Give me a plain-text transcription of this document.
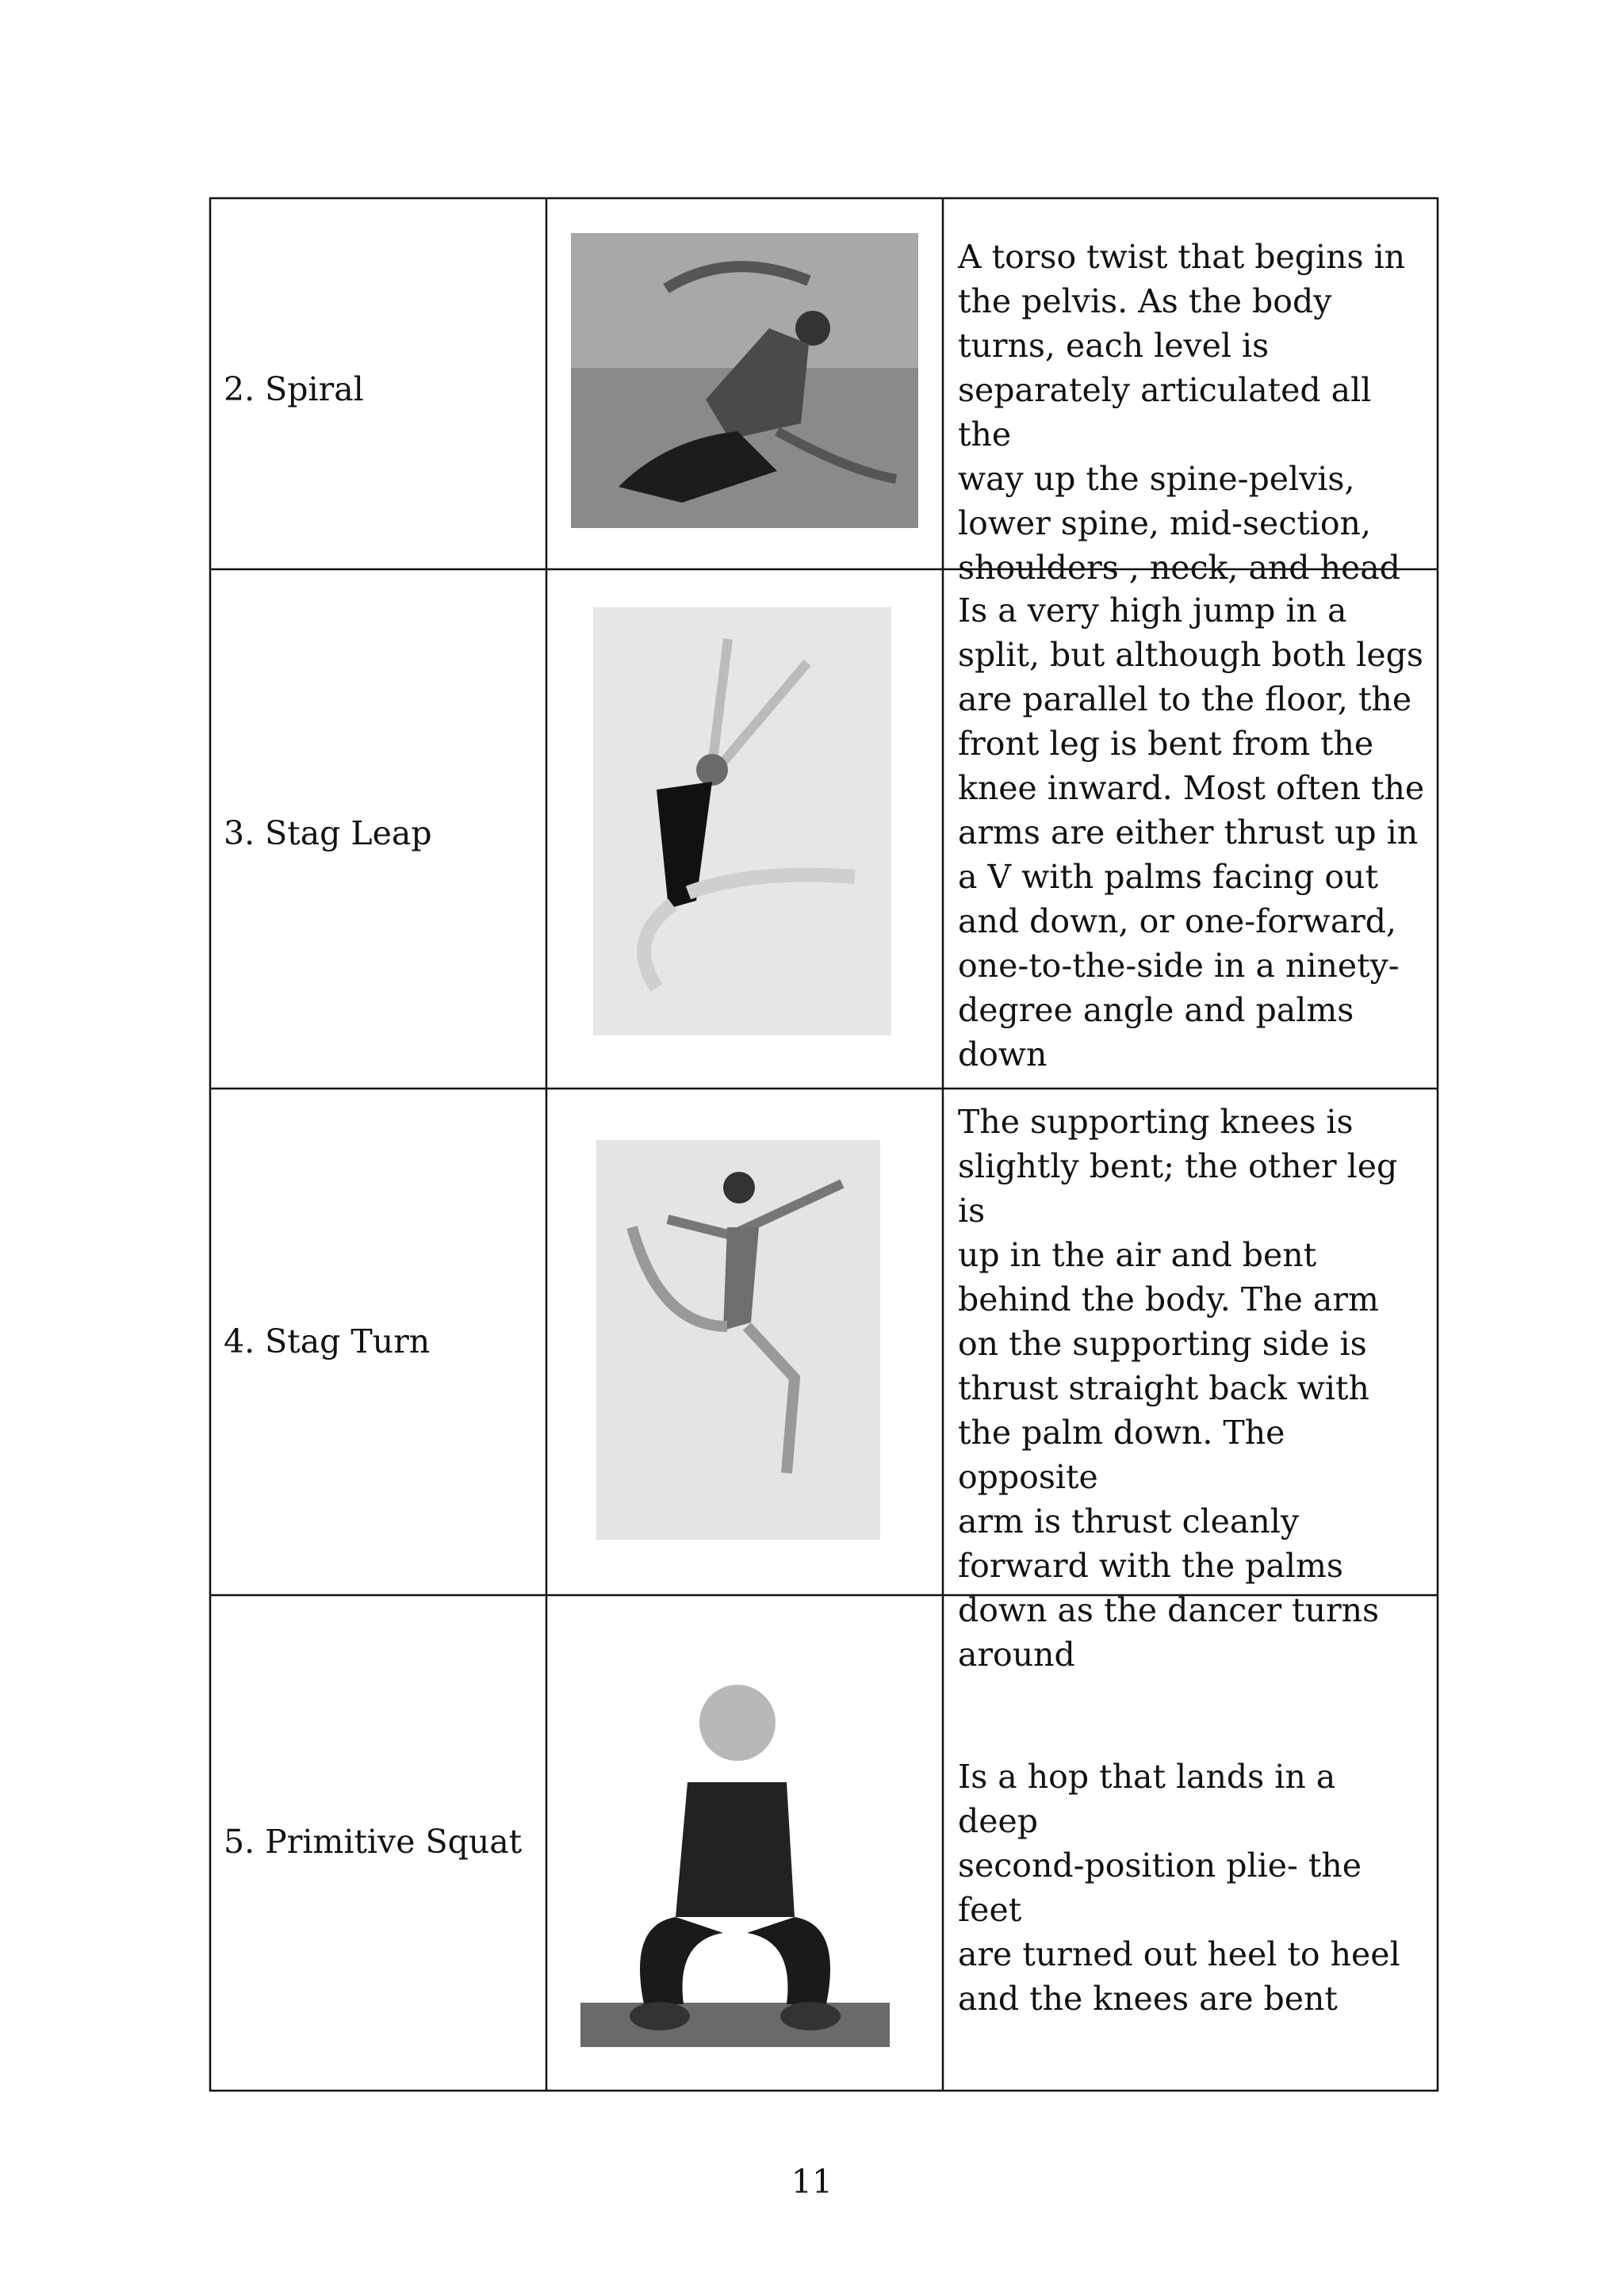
2. Spiral
A torso twist that begins in
the pelvis. As the body
turns, each level is
separately articulated all the
way up the spine-pelvis,
lower spine, mid-section,
shoulders , neck, and head
3. Stag Leap
Is a very high jump in a
split, but although both legs
are parallel to the floor, the
front leg is bent from the
knee inward. Most often the
arms are either thrust up in
a V with palms facing out
and down, or one-forward,
one-to-the-side in a ninety-
degree angle and palms
down
4. Stag Turn
The supporting knees is
slightly bent; the other leg is
up in the air and bent
behind the body. The arm
on the supporting side is
thrust straight back with
the palm down. The opposite
arm is thrust cleanly
forward with the palms
down as the dancer turns
around
5. Primitive Squat
Is a hop that lands in a deep
second-position plie- the feet
are turned out heel to heel
and the knees are bent
11
